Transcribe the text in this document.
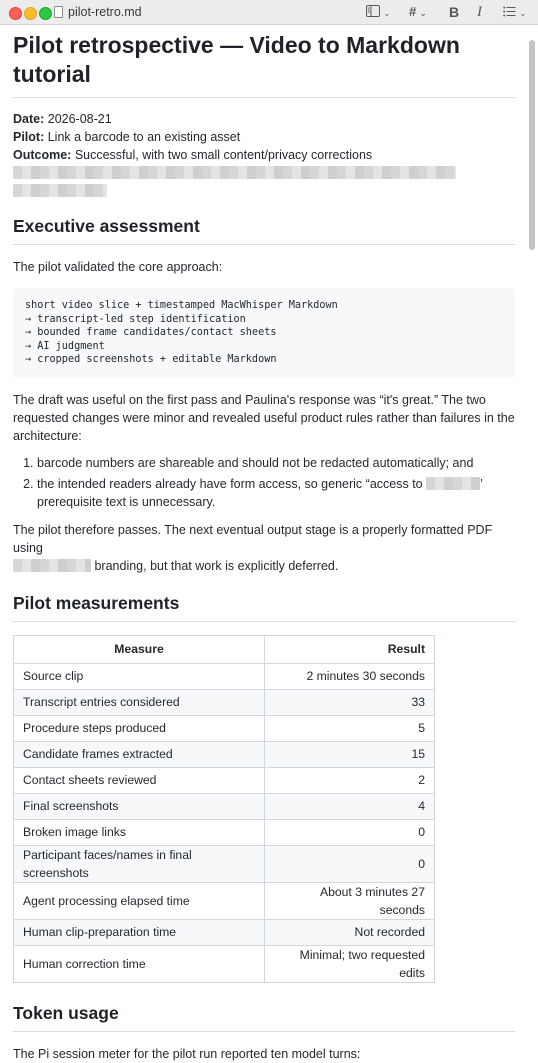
pilot-retro.md	⌄ # ⌄ B I	⌄
Pilot retrospective — Video to Markdown tutorial
Date: 2026-08-21
Pilot: Link a barcode to an existing asset
Outcome: Successful, with two small content/privacy corrections
Executive assessment

The pilot validated the core approach:

short video slice + timestamped MacWhisper Markdown
→ transcript-led step identification
→ bounded frame candidates/contact sheets
→ AI judgment
→ cropped screenshots + editable Markdown

The draft was useful on the first pass and Paulina's response was “it's great.” The two requested changes were minor and revealed useful product rules rather than failures in the architecture:

1. barcode numbers are shareable and should not be redacted automatically; and
2. the intended readers already have form access, so generic “access to	’
prerequisite text is unnecessary.

The pilot therefore passes. The next eventual output stage is a properly formatted PDF using
branding, but that work is explicitly deferred.

Pilot measurements
Measure	Result
Source clip	2 minutes 30 seconds
Transcript entries considered	33
Procedure steps produced	5
Candidate frames extracted	15
Contact sheets reviewed	2
Final screenshots	4
Broken image links	0
Participant faces/names in final screenshots	0
Agent processing elapsed time	About 3 minutes 27 seconds
Human clip-preparation time	Not recorded
Human correction time	Minimal; two requested edits
Token usage

The Pi session meter for the pilot run reported ten model turns:
